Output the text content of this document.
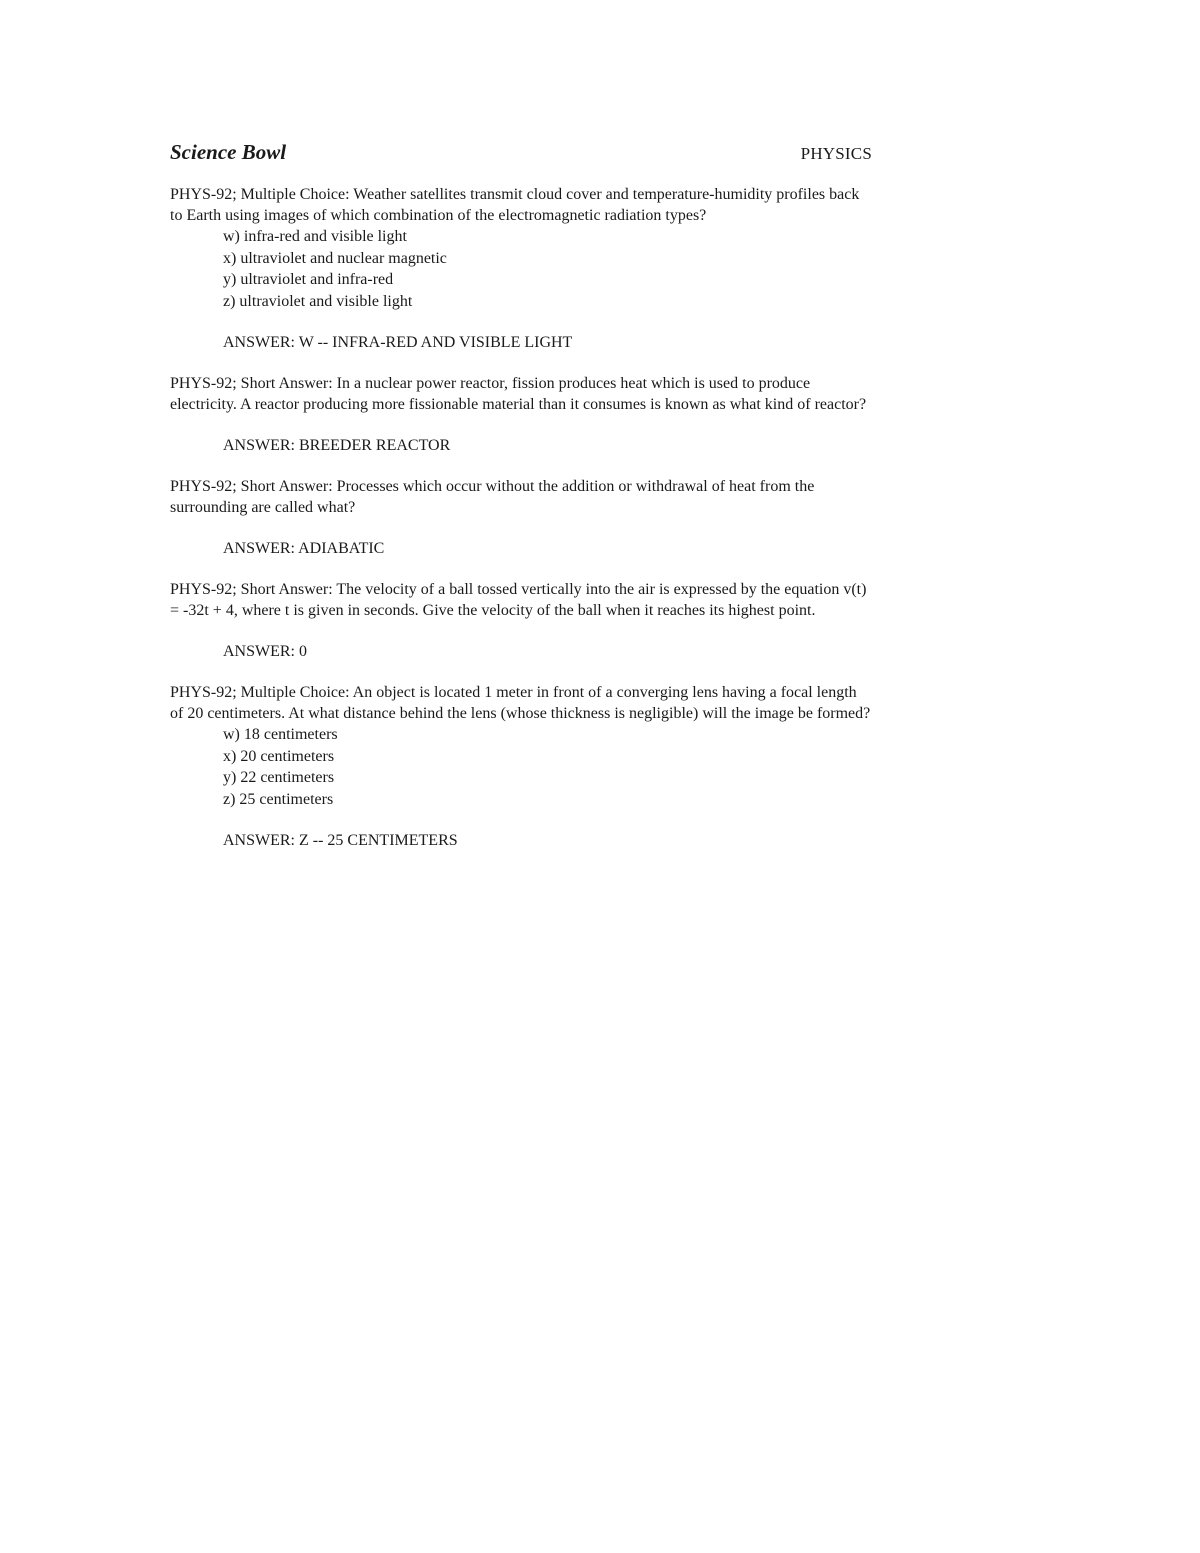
Science Bowl	PHYSICS

PHYS-92; Multiple Choice: Weather satellites transmit cloud cover and temperature-humidity profiles back to Earth using images of which combination of the electromagnetic radiation types?

w) infra-red and visible light
x) ultraviolet and nuclear magnetic
y) ultraviolet and infra-red
z) ultraviolet and visible light
ANSWER: W -- INFRA-RED AND VISIBLE LIGHT

PHYS-92; Short Answer: In a nuclear power reactor, fission produces heat which is used to produce electricity. A reactor producing more fissionable material than it consumes is known as what kind of reactor?

ANSWER: BREEDER REACTOR

PHYS-92; Short Answer: Processes which occur without the addition or withdrawal of heat from the surrounding are called what?

ANSWER: ADIABATIC

PHYS-92; Short Answer: The velocity of a ball tossed vertically into the air is expressed by the equation v(t) = -32t + 4, where t is given in seconds. Give the velocity of the ball when it reaches its highest point.

ANSWER: 0

PHYS-92; Multiple Choice: An object is located 1 meter in front of a converging lens having a focal length of 20 centimeters. At what distance behind the lens (whose thickness is negligible) will the image be formed?

w) 18 centimeters
x) 20 centimeters
y) 22 centimeters
z) 25 centimeters
ANSWER: Z -- 25 CENTIMETERS
